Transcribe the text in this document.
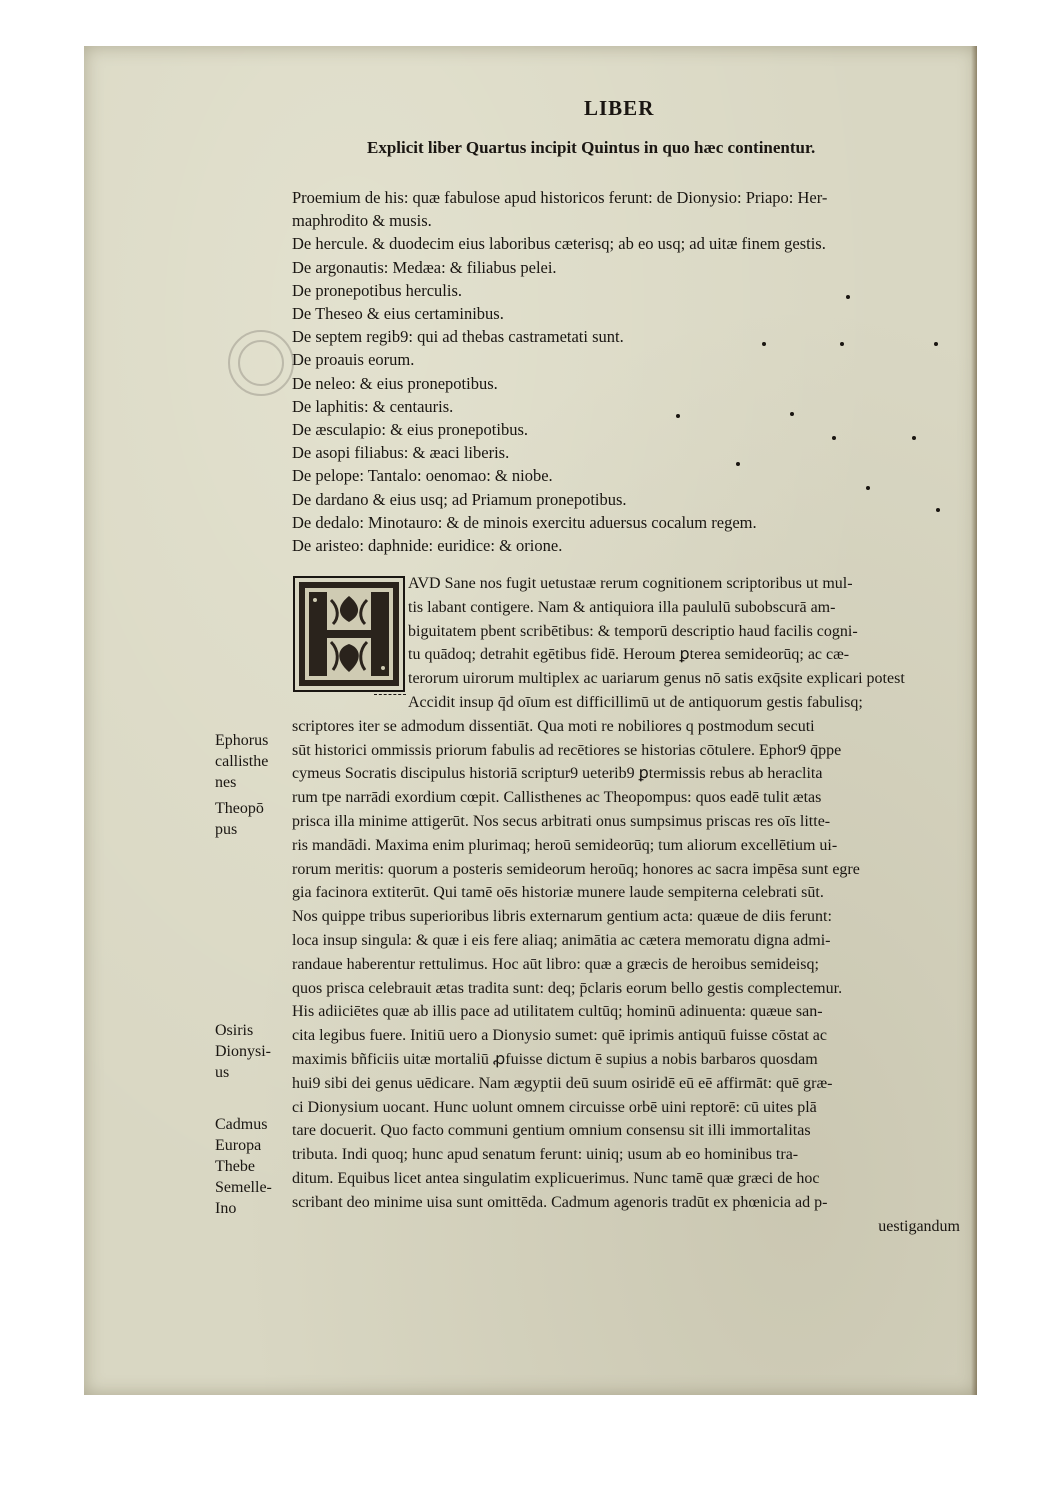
LIBER
Explicit liber Quartus incipit Quintus in quo hæc continentur.
Proemium de his: quæ fabulose apud historicos ferunt: de Dionysio: Priapo: Her-
maphrodito & musis.
De hercule. & duodecim eius laboribus cæterisq; ab eo usq; ad uitæ finem gestis.
De argonautis: Medæa: & filiabus pelei.
De pronepotibus herculis.
De Theseo & eius certaminibus.
De septem regib9: qui ad thebas castrametati sunt.
De proauis eorum.
De neleo: & eius pronepotibus.
De laphitis: & centauris.
De æsculapio: & eius pronepotibus.
De asopi filiabus: & æaci liberis.
De pelope: Tantalo: oenomao: & niobe.
De dardano & eius usq; ad Priamum pronepotibus.
De dedalo: Minotauro: & de minois exercitu aduersus cocalum regem.
De aristeo: daphnide: euridice: & orione.
AVD Sane nos fugit uetustaæ rerum cognitionem scriptoribus ut mul-
tis labant contigere. Nam & antiquiora illa paululū subobscurā am-
biguitatem pbent scribētibus: & temporū descriptio haud facilis cogni-
tu quādoq; detrahit egētibus fidē. Heroum ꝑterea semideorūq; ac cæ-
terorum uirorum multiplex ac uariarum genus nō satis exq̄site explicari potest
Accidit insup q̄d oīum est difficillimū ut de antiquorum gestis fabulisq;
scriptores iter se admodum dissentiāt. Qua moti re nobiliores q postmodum secuti
sūt historici ommissis priorum fabulis ad recētiores se historias cōtulere. Ephor9 q̄ppe
cymeus Socratis discipulus historiā scriptur9 ueterib9 ꝑtermissis rebus ab heraclita
rum tpe narrādi exordium cœpit. Callisthenes ac Theopompus: quos eadē tulit ætas
prisca illa minime attigerūt. Nos secus arbitrati onus sumpsimus priscas res oīs litte-
ris mandādi. Maxima enim plurimaq; heroū semideorūq; tum aliorum excellētium ui-
rorum meritis: quorum a posteris semideorum heroūq; honores ac sacra impēsa sunt egre
gia facinora extiterūt. Qui tamē oēs historiæ munere laude sempiterna celebrati sūt.
Nos quippe tribus superioribus libris externarum gentium acta: quæue de diis ferunt:
loca insup singula: & quæ i eis fere aliaq; animātia ac cætera memoratu digna admi-
randaue haberentur rettulimus. Hoc aūt libro: quæ a græcis de heroibus semideisq;
quos prisca celebrauit ætas tradita sunt: deq; p̄claris eorum bello gestis complectemur.
His adiiciētes quæ ab illis pace ad utilitatem cultūq; hominū adinuenta: quæue san-
cita legibus fuere. Initiū uero a Dionysio sumet: quē iprimis antiquū fuisse cōstat ac
maximis bñficiis uitæ mortaliū ꝓfuisse dictum ē supius a nobis barbaros quosdam
hui9 sibi dei genus uēdicare. Nam ægyptii deū suum osiridē eū eē affirmāt: quē græ-
ci Dionysium uocant. Hunc uolunt omnem circuisse orbē uini reptorē: cū uites plā
tare docuerit. Quo facto communi gentium omnium consensu sit illi immortalitas
tributa. Indi quoq; hunc apud senatum ferunt: uiniq; usum ab eo hominibus tra-
ditum. Equibus licet antea singulatim explicuerimus. Nunc tamē quæ græci de hoc
scribant deo minime uisa sunt omittēda. Cadmum agenoris tradūt ex phœnicia ad p-
uestigandum
Ephorus
callisthe
nes
Theopō
pus
Osiris
Dionysi-
us
Cadmus
Europa
Thebe
Semelle-
Ino
